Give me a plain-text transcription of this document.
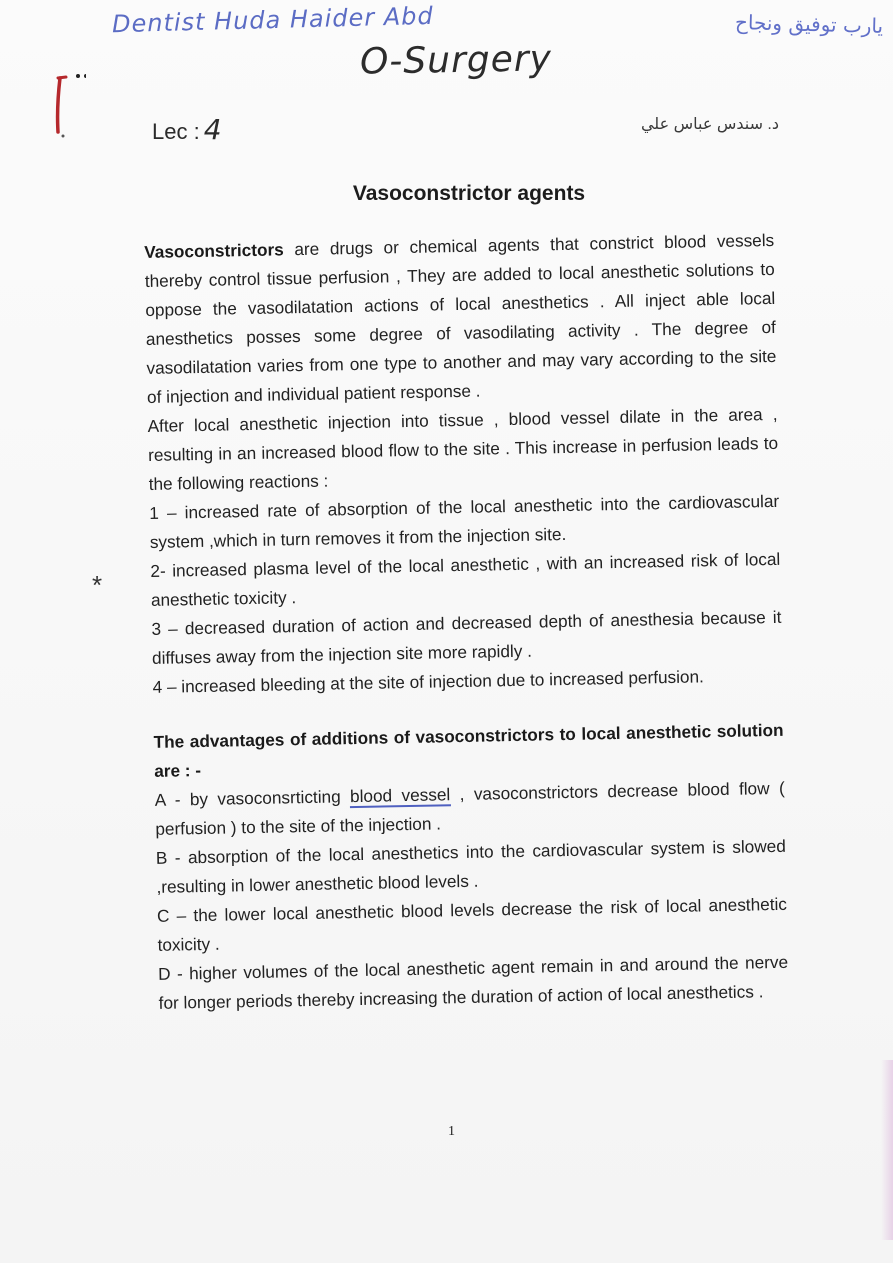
Dentist Huda Haider Abd	يارب توفيق ونجاح
O-Surgery
Lec : 4	د. سندس عباس علي
Vasoconstrictor agents

Vasoconstrictors are drugs or chemical agents that constrict blood vessels thereby control tissue perfusion , They are added to local anesthetic solutions to oppose the vasodilatation actions of local anesthetics . All inject able local anesthetics posses some degree of vasodilating activity . The degree of vasodilatation varies from one type to another and may vary according to the site of injection and individual patient response .

After local anesthetic injection into tissue , blood vessel dilate in the area , resulting in an increased blood flow to the site . This increase in perfusion leads to the following reactions :

1 – increased rate of absorption of the local anesthetic into the cardiovascular system ,which in turn removes it from the injection site.

2- increased plasma level of the local anesthetic , with an increased risk of local anesthetic toxicity .

3 – decreased duration of action and decreased depth of anesthesia because it diffuses away from the injection site more rapidly .

4 – increased bleeding at the site of injection due to increased perfusion.

The advantages of additions of vasoconstrictors to local anesthetic solution are : -

A - by vasoconsrticting blood vessel , vasoconstrictors decrease blood flow ( perfusion ) to the site of the injection .

B - absorption of the local anesthetics into the cardiovascular system is slowed ,resulting in lower anesthetic blood levels .

C – the lower local anesthetic blood levels decrease the risk of local anesthetic toxicity .

D - higher volumes of the local anesthetic agent remain in and around the nerve for longer periods thereby increasing the duration of action of local anesthetics .

*
1
